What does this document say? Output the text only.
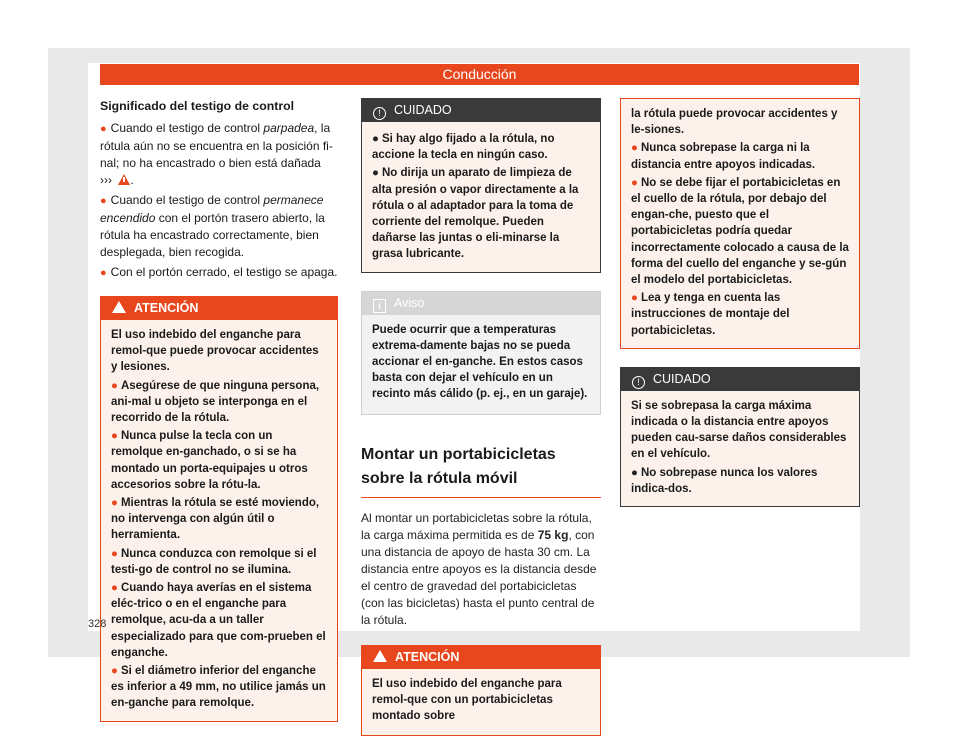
Conducción
Significado del testigo de control

● Cuando el testigo de control parpadea, la rótula aún no se encuentra en la posición fi-nal; no ha encastrado o bien está dañada
››› .

● Cuando el testigo de control permanece encendido con el portón trasero abierto, la rótula ha encastrado correctamente, bien desplegada, bien recogida.

● Con el portón cerrado, el testigo se apaga.

ATENCIÓN

El uso indebido del enganche para remol-que puede provocar accidentes y lesiones.

● Asegúrese de que ninguna persona, ani-mal u objeto se interponga en el recorrido de la rótula.
● Nunca pulse la tecla con un remolque en-ganchado, o si se ha montado un porta-equipajes u otros accesorios sobre la rótu-la.
● Mientras la rótula se esté moviendo, no intervenga con algún útil o herramienta.
● Nunca conduzca con remolque si el testi-go de control no se ilumina.
● Cuando haya averías en el sistema eléc-trico o en el enganche para remolque, acu-da a un taller especializado para que com-prueben el enganche.
● Si el diámetro inferior del enganche es inferior a 49 mm, no utilice jamás un en-ganche para remolque.
! CUIDADO
● Si hay algo fijado a la rótula, no accione la tecla en ningún caso.
● No dirija un aparato de limpieza de alta presión o vapor directamente a la rótula o al adaptador para la toma de corriente del remolque. Pueden dañarse las juntas o eli-minarse la grasa lubricante.
i Aviso

Puede ocurrir que a temperaturas extrema-damente bajas no se pueda accionar el en-ganche. En estos casos basta con dejar el vehículo en un recinto más cálido (p. ej., en un garaje).

Montar un portabicicletas sobre la rótula móvil

Al montar un portabicicletas sobre la rótula, la carga máxima permitida es de 75 kg, con una distancia de apoyo de hasta 30 cm. La distancia entre apoyos es la distancia desde el centro de gravedad del portabicicletas (con las bicicletas) hasta el punto central de la rótula.

ATENCIÓN

El uso indebido del enganche para remol-que con un portabicicletas montado sobre

la rótula puede provocar accidentes y le-siones.

● Nunca sobrepase la carga ni la distancia entre apoyos indicadas.
● No se debe fijar el portabicicletas en el cuello de la rótula, por debajo del engan-che, puesto que el portabicicletas podría quedar incorrectamente colocado a causa de la forma del cuello del enganche y se-gún el modelo del portabicicletas.
● Lea y tenga en cuenta las instrucciones de montaje del portabicicletas.
! CUIDADO

Si se sobrepasa la carga máxima indicada o la distancia entre apoyos pueden cau-sarse daños considerables en el vehículo.

● No sobrepase nunca los valores indica-dos.
328
